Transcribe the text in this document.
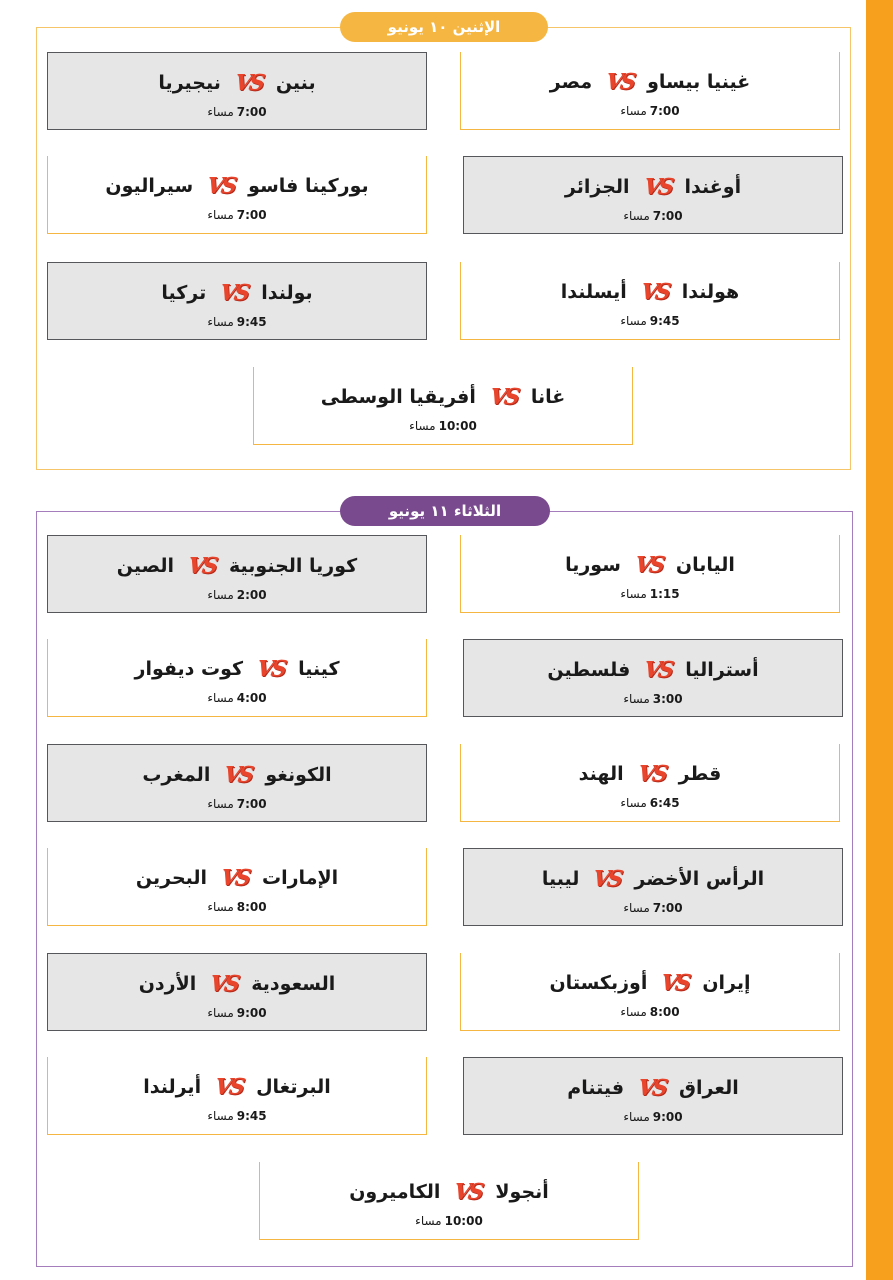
الإثنين ١٠ يونيو
غينيا بيساو
VS
مصر
7:00مساء
بنين
VS
نيجيريا
7:00مساء
أوغندا
VS
الجزائر
7:00مساء
بوركينا فاسو
VS
سيراليون
7:00مساء
هولندا
VS
أيسلندا
9:45مساء
بولندا
VS
تركيا
9:45مساء
غانا
VS
أفريقيا الوسطى
10:00مساء
الثلاثاء ١١ يونيو
اليابان
VS
سوريا
1:15مساء
كوريا الجنوبية
VS
الصين
2:00مساء
أستراليا
VS
فلسطين
3:00مساء
كينيا
VS
كوت ديفوار
4:00مساء
قطر
VS
الهند
6:45مساء
الكونغو
VS
المغرب
7:00مساء
الرأس الأخضر
VS
ليبيا
7:00مساء
الإمارات
VS
البحرين
8:00مساء
إيران
VS
أوزبكستان
8:00مساء
السعودية
VS
الأردن
9:00مساء
العراق
VS
فيتنام
9:00مساء
البرتغال
VS
أيرلندا
9:45مساء
أنجولا
VS
الكاميرون
10:00مساء
